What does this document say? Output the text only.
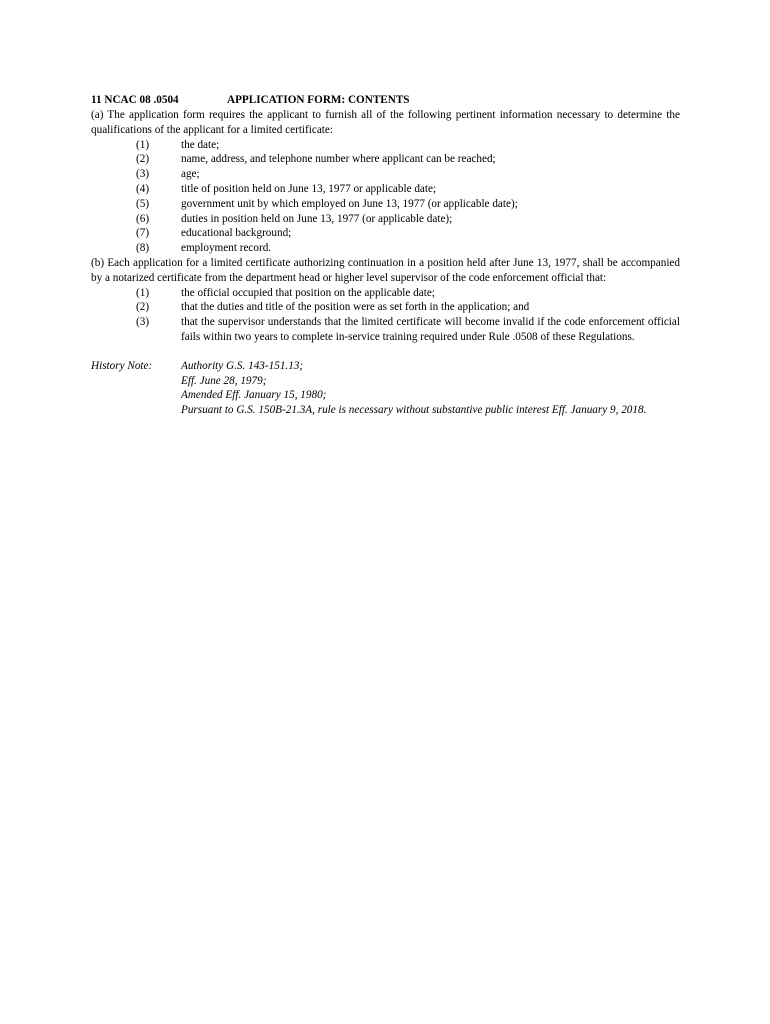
11 NCAC 08 .0504	APPLICATION FORM: CONTENTS
(a) The application form requires the applicant to furnish all of the following pertinent information necessary to determine the qualifications of the applicant for a limited certificate:
(1)	the date;
(2)	name, address, and telephone number where applicant can be reached;
(3)	age;
(4)	title of position held on June 13, 1977 or applicable date;
(5)	government unit by which employed on June 13, 1977 (or applicable date);
(6)	duties in position held on June 13, 1977 (or applicable date);
(7)	educational background;
(8)	employment record.
(b) Each application for a limited certificate authorizing continuation in a position held after June 13, 1977, shall be accompanied by a notarized certificate from the department head or higher level supervisor of the code enforcement official that:
(1)	the official occupied that position on the applicable date;
(2)	that the duties and title of the position were as set forth in the application; and
(3)	that the supervisor understands that the limited certificate will become invalid if the code enforcement official fails within two years to complete in-service training required under Rule .0508 of these Regulations.
History Note:	Authority G.S. 143-151.13;
Eff. June 28, 1979;
Amended Eff. January 15, 1980;
Pursuant to G.S. 150B-21.3A, rule is necessary without substantive public interest Eff. January 9, 2018.
